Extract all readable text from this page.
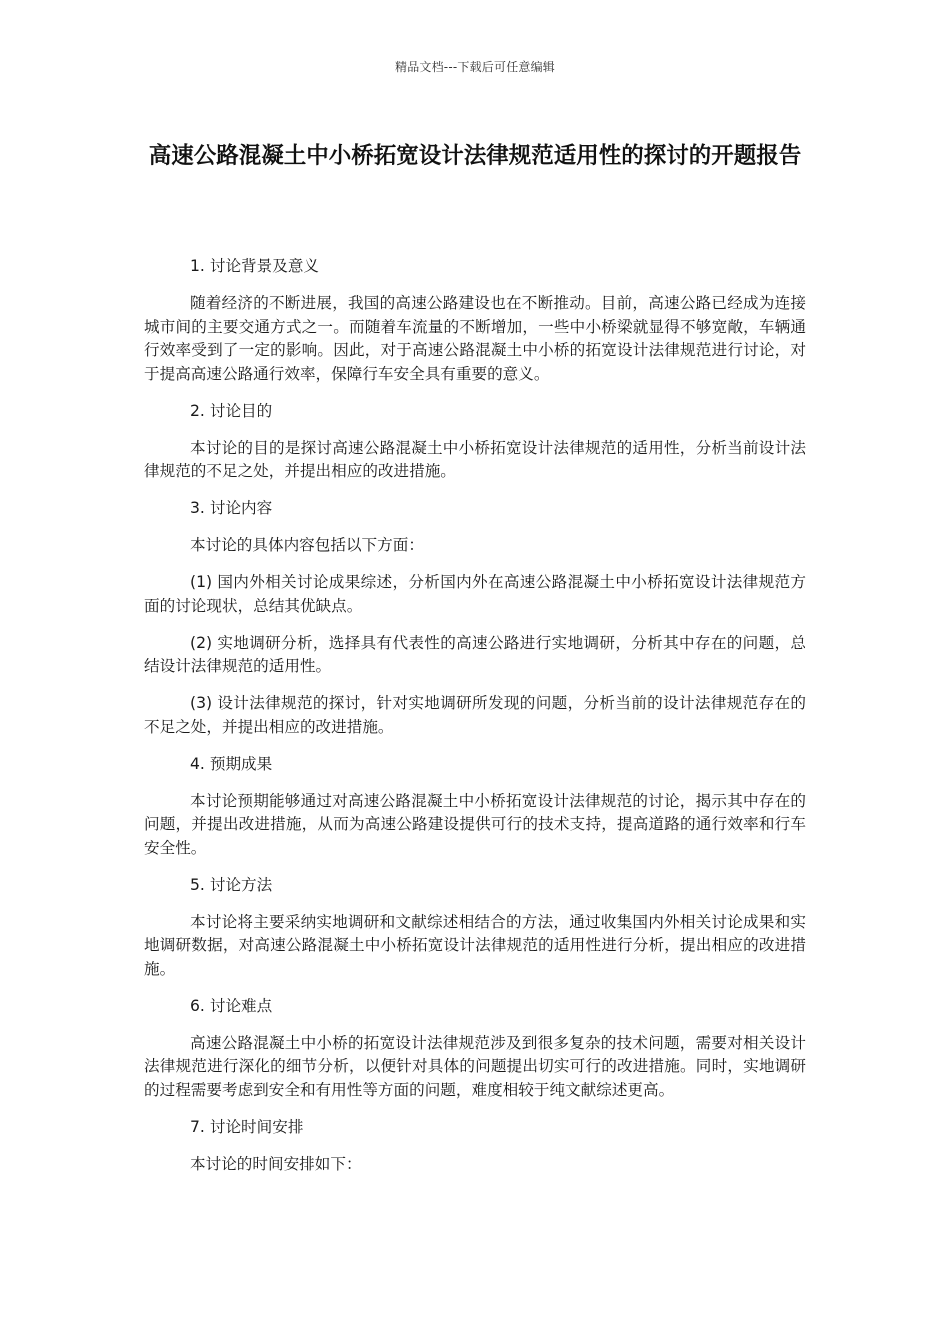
精品文档---下载后可任意编辑
高速公路混凝土中小桥拓宽设计法律规范适用性的探讨的开题报告

1. 讨论背景及意义

随着经济的不断进展，我国的高速公路建设也在不断推动。目前，高速公路已经成为连接城市间的主要交通方式之一。而随着车流量的不断增加，一些中小桥梁就显得不够宽敞，车辆通行效率受到了一定的影响。因此，对于高速公路混凝土中小桥的拓宽设计法律规范进行讨论，对于提高高速公路通行效率，保障行车安全具有重要的意义。

2. 讨论目的

本讨论的目的是探讨高速公路混凝土中小桥拓宽设计法律规范的适用性，分析当前设计法律规范的不足之处，并提出相应的改进措施。

3. 讨论内容

本讨论的具体内容包括以下方面：

(1) 国内外相关讨论成果综述，分析国内外在高速公路混凝土中小桥拓宽设计法律规范方面的讨论现状，总结其优缺点。

(2) 实地调研分析，选择具有代表性的高速公路进行实地调研，分析其中存在的问题，总结设计法律规范的适用性。

(3) 设计法律规范的探讨，针对实地调研所发现的问题，分析当前的设计法律规范存在的不足之处，并提出相应的改进措施。

4. 预期成果

本讨论预期能够通过对高速公路混凝土中小桥拓宽设计法律规范的讨论，揭示其中存在的问题，并提出改进措施，从而为高速公路建设提供可行的技术支持，提高道路的通行效率和行车安全性。

5. 讨论方法

本讨论将主要采纳实地调研和文献综述相结合的方法，通过收集国内外相关讨论成果和实地调研数据，对高速公路混凝土中小桥拓宽设计法律规范的适用性进行分析，提出相应的改进措施。

6. 讨论难点

高速公路混凝土中小桥的拓宽设计法律规范涉及到很多复杂的技术问题，需要对相关设计法律规范进行深化的细节分析，以便针对具体的问题提出切实可行的改进措施。同时，实地调研的过程需要考虑到安全和有用性等方面的问题，难度相较于纯文献综述更高。

7. 讨论时间安排

本讨论的时间安排如下：
